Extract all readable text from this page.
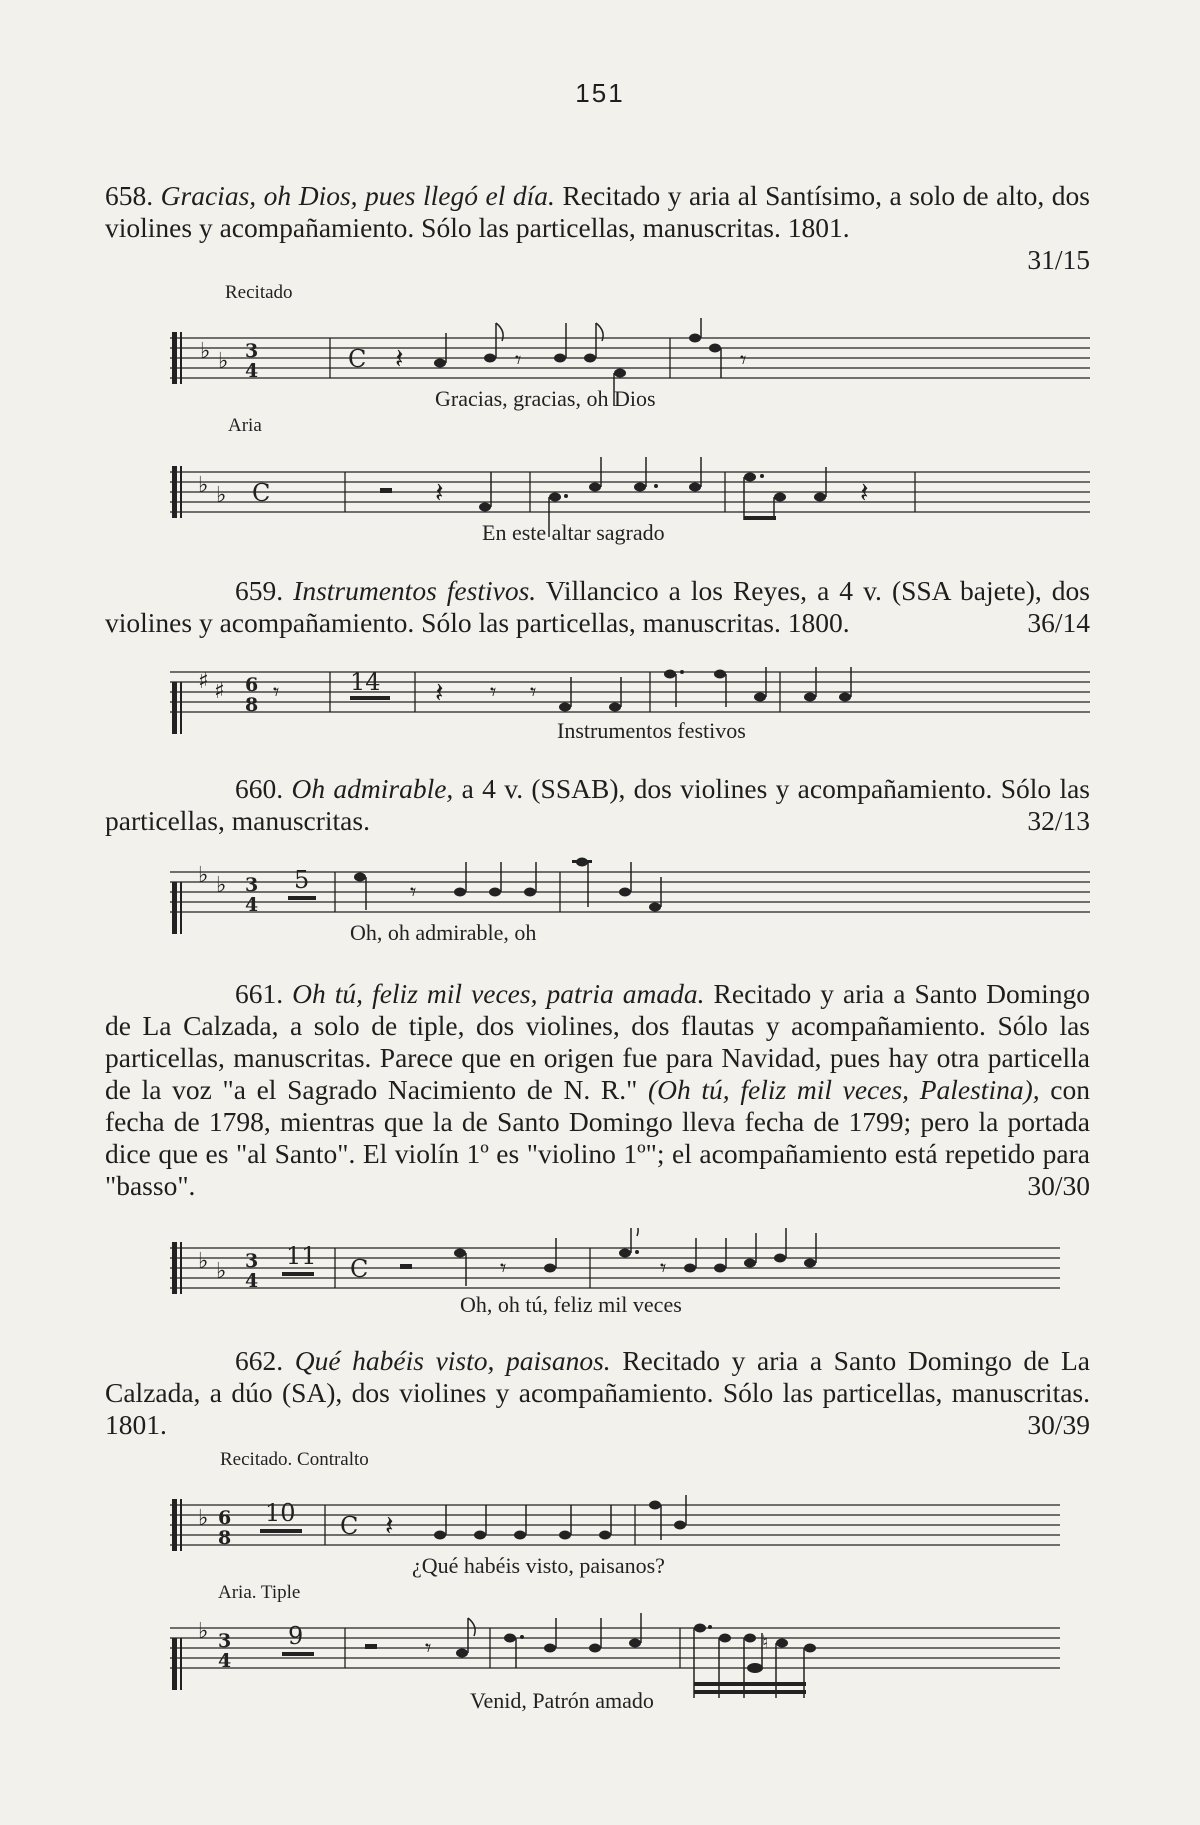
151
658. Gracias, oh Dios, pues llegó el día. Recitado y aria al Santísimo, a solo de alto, dos violines y acompañamiento. Sólo las particellas, manuscritas. 1801.
31/15
Recitado
♭ ♭ 3
4	C 𝄽	𝄾	𝄾
Gracias, gracias, oh Dios
Aria
♭ ♭ C	𝄽	𝄽
En este altar sagrado
659. Instrumentos festivos. Villancico a los Reyes, a 4 v. (SSA bajete), dos violines y acompañamiento. Sólo las particellas, manuscritas. 1800.	36/14
♯ ♯ 6
8 𝄾	14 𝄽 𝄾 𝄾
Instrumentos festivos
660. Oh admirable, a 4 v. (SSAB), dos violines y acompañamiento. Sólo las particellas, manuscritas.	32/13
♭ ♭ 3
4
5	𝄾
Oh, oh admirable, oh
661. Oh tú, feliz mil veces, patria amada. Recitado y aria a Santo Domingo de La Calzada, a solo de tiple, dos violines, dos flautas y acompañamiento. Sólo las particellas, manuscritas. Parece que en origen fue para Navidad, pues hay otra particella de la voz "a el Sagrado Nacimiento de N. R." (Oh tú, feliz mil veces, Palestina), con fecha de 1798, mientras que la de Santo Domingo lleva fecha de 1799; pero la portada dice que es "al Santo". El violín 1º es "violino 1º"; el acompañamiento está repetido para "basso".	30/30
♭ ♭ 3
4
11 C	𝄾	𝄾
Oh, oh tú, feliz mil veces
662. Qué habéis visto, paisanos. Recitado y aria a Santo Domingo de La Calzada, a dúo (SA), dos violines y acompañamiento. Sólo las particellas, manuscritas. 1801.	30/39
Recitado. Contralto
♭ 6
8
10 C 𝄽
¿Qué habéis visto, paisanos?
Aria. Tiple
♭ 3
4
9	𝄾	♮
Venid, Patrón amado
